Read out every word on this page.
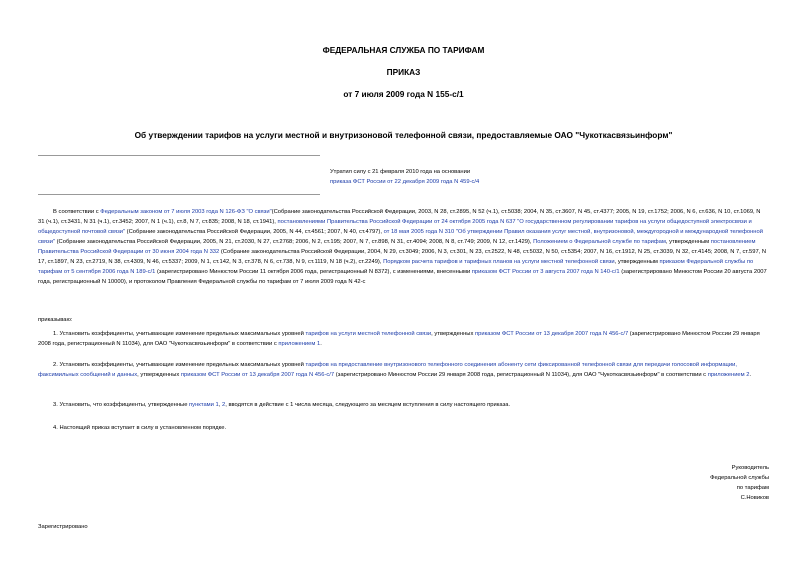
ФЕДЕРАЛЬНАЯ СЛУЖБА ПО ТАРИФАМ
ПРИКАЗ
от 7 июля 2009 года N 155-с/1
Об утверждении тарифов на услуги местной и внутризоновой телефонной связи, предоставляемые ОАО "Чукоткасвязьинформ"
Утратил силу с 21 февраля 2010 года на основании
приказа ФСТ России от 22 декабря 2009 года N 459-с/4
В соответствии с Федеральным законом от 7 июля 2003 года N 126-ФЗ "О связи"(Собрание законодательства Российской Федерации, 2003, N 28, ст.2895, N 52 (ч.1), ст.5038; 2004, N 35, ст.3607, N 45, ст.4377; 2005, N 19, ст.1752; 2006, N 6, ст.636, N 10, ст.1069, N 31 (ч.1), ст.3431, N 31 (ч.1), ст.3452; 2007, N 1 (ч.1), ст.8, N 7, ст.835; 2008, N 18, ст.1941), постановлениями Правительства Российской Федерации от 24 октября 2005 года N 637 "О государственном регулировании тарифов на услуги общедоступной электросвязи и общедоступной почтовой связи" (Собрание законодательства Российской Федерации, 2005, N 44, ст.4561; 2007, N 40, ст.4797), от 18 мая 2005 года N 310 "Об утверждении Правил оказания услуг местной, внутризоновой, междугородной и международной телефонной связи" (Собрание законодательства Российской Федерации, 2005, N 21, ст.2030, N 27, ст.2768; 2006, N 2, ст.195; 2007, N 7, ст.898, N 31, ст.4094; 2008, N 8, ст.749; 2009, N 12, ст.1429), Положением о Федеральной службе по тарифам, утвержденным постановлением Правительства Российской Федерации от 30 июня 2004 года N 332 (Собрание законодательства Российской Федерации, 2004, N 29, ст.3049; 2006, N 3, ст.301, N 23, ст.2522, N 48, ст.5032, N 50, ст.5354; 2007, N 16, ст.1912, N 25, ст.3039, N 32, ст.4145; 2008, N 7, ст.597, N 17, ст.1897, N 23, ст.2719, N 38, ст.4309, N 46, ст.5337; 2009, N 1, ст.142, N 3, ст.378, N 6, ст.738, N 9, ст.1119, N 18 (ч.2), ст.2249), Порядком расчета тарифов и тарифных планов на услуги местной телефонной связи, утвержденным приказом Федеральной службы по тарифам от 5 сентября 2006 года N 189-с/1 (зарегистрировано Минюстом России 11 октября 2006 года, регистрационный N 8372), с изменениями, внесенными приказом ФСТ России от 3 августа 2007 года N 140-с/1 (зарегистрировано Минюстом России 20 августа 2007 года, регистрационный N 10000), и протоколом Правления Федеральной службы по тарифам от 7 июля 2009 года N 42-с
приказываю:
1. Установить коэффициенты, учитывающие изменение предельных максимальных уровней тарифов на услуги местной телефонной связи, утвержденных приказом ФСТ России от 13 декабря 2007 года N 456-с/7 (зарегистрировано Минюстом России 29 января 2008 года, регистрационный N 11034), для ОАО "Чукоткасвязьинформ" в соответствии с приложением 1.
2. Установить коэффициенты, учитывающие изменение предельных максимальных уровней тарифов на предоставление внутризонового телефонного соединения абоненту сети фиксированной телефонной связи для передачи голосовой информации, факсимильных сообщений и данных, утвержденных приказом ФСТ России от 13 декабря 2007 года N 456-с/7 (зарегистрировано Минюстом России 29 января 2008 года, регистрационный N 11034), для ОАО "Чукоткасвязьинформ" в соответствии с приложением 2.
3. Установить, что коэффициенты, утвержденные пунктами 1, 2, вводятся в действие с 1 числа месяца, следующего за месяцем вступления в силу настоящего приказа.
4. Настоящий приказ вступает в силу в установленном порядке.
Руководитель
Федеральной службы
по тарифам
С.Новиков
Зарегистрировано
